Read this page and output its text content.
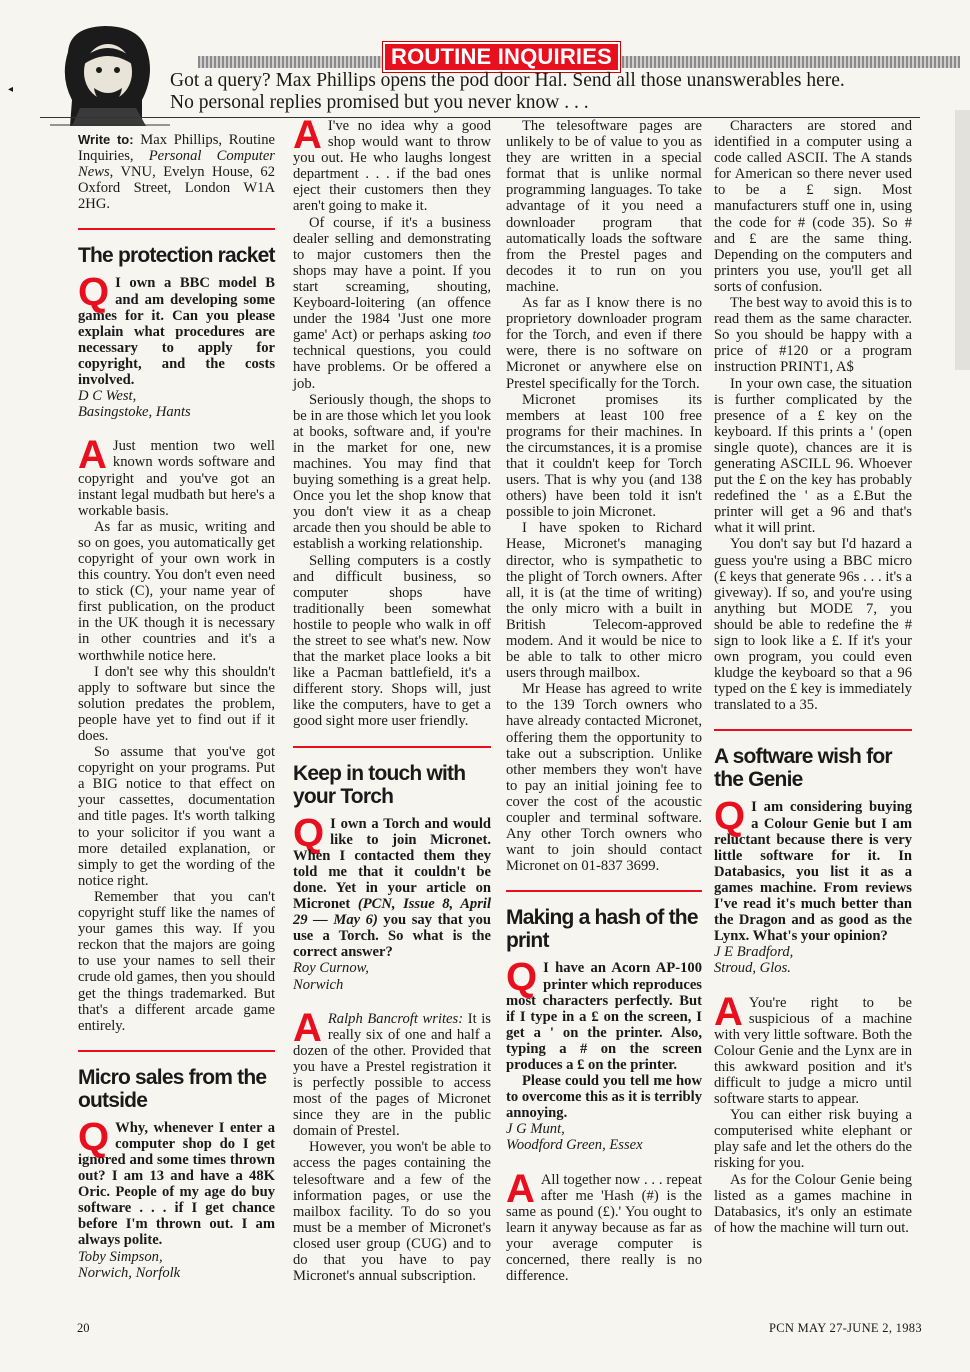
ROUTINE INQUIRIES
Got a query? Max Phillips opens the pod door Hal. Send all those unanswerables here.
No personal replies promised but you never know . . .
◂

Write to: Max Phillips, Routine Inquiries, Personal Computer News, VNU, Evelyn House, 62 Oxford Street, London W1A 2HG.

The protection racket

Q I own a BBC model B and am developing some games for it. Can you please explain what procedures are necessary to apply for copyright, and the costs involved.

D C West,
Basingstoke, Hants

A Just mention two well known words software and copyright and you've got an instant legal mudbath but here's a workable basis.

As far as music, writing and so on goes, you automatically get copyright of your own work in this country. You don't even need to stick (C), your name year of first publication, on the product in the UK though it is necessary in other countries and it's a worthwhile notice here.

I don't see why this shouldn't apply to software but since the solution predates the problem, people have yet to find out if it does.

So assume that you've got copyright on your programs. Put a BIG notice to that effect on your cassettes, documentation and title pages. It's worth talking to your solicitor if you want a more detailed explanation, or simply to get the wording of the notice right.

Remember that you can't copyright stuff like the names of your games this way. If you reckon that the majors are going to use your names to sell their crude old games, then you should get the things trademarked. But that's a different arcade game entirely.

Micro sales from the outside

Q Why, whenever I enter a computer shop do I get ignored and some times thrown out? I am 13 and have a 48K Oric. People of my age do buy software . . . if I get chance before I'm thrown out. I am always polite.

Toby Simpson,
Norwich, Norfolk

A I've no idea why a good shop would want to throw you out. He who laughs longest department . . . if the bad ones eject their customers then they aren't going to make it.

Of course, if it's a business dealer selling and demonstrating to major customers then the shops may have a point. If you start screaming, shouting, Keyboard-loitering (an offence under the 1984 'Just one more game' Act) or perhaps asking too technical questions, you could have problems. Or be offered a job.

Seriously though, the shops to be in are those which let you look at books, software and, if you're in the market for one, new machines. You may find that buying something is a great help. Once you let the shop know that you don't view it as a cheap arcade then you should be able to establish a working relationship.

Selling computers is a costly and difficult business, so computer shops have traditionally been somewhat hostile to people who walk in off the street to see what's new. Now that the market place looks a bit like a Pacman battlefield, it's a different story. Shops will, just like the computers, have to get a good sight more user friendly.

Keep in touch with your Torch

Q I own a Torch and would like to join Micronet. When I contacted them they told me that it couldn't be done. Yet in your article on Micronet (PCN, Issue 8, April 29 — May 6) you say that you use a Torch. So what is the correct answer?

Roy Curnow,
Norwich

A Ralph Bancroft writes: It is really six of one and half a dozen of the other. Provided that you have a Prestel registration it is perfectly possible to access most of the pages of Micronet since they are in the public domain of Prestel.

However, you won't be able to access the pages containing the telesoftware and a few of the information pages, or use the mailbox facility. To do so you must be a member of Micronet's closed user group (CUG) and to do that you have to pay Micronet's annual subscription.

The telesoftware pages are unlikely to be of value to you as they are written in a special format that is unlike normal programming languages. To take advantage of it you need a downloader program that automatically loads the software from the Prestel pages and decodes it to run on you machine.

As far as I know there is no proprietory downloader program for the Torch, and even if there were, there is no software on Micronet or anywhere else on Prestel specifically for the Torch.

Micronet promises its members at least 100 free programs for their machines. In the circumstances, it is a promise that it couldn't keep for Torch users. That is why you (and 138 others) have been told it isn't possible to join Micronet.

I have spoken to Richard Hease, Micronet's managing director, who is sympathetic to the plight of Torch owners. After all, it is (at the time of writing) the only micro with a built in British Telecom-approved modem. And it would be nice to be able to talk to other micro users through mailbox.

Mr Hease has agreed to write to the 139 Torch owners who have already contacted Micronet, offering them the opportunity to take out a subscription. Unlike other members they won't have to pay an initial joining fee to cover the cost of the acoustic coupler and terminal software. Any other Torch owners who want to join should contact Micronet on 01-837 3699.

Making a hash of the print

Q I have an Acorn AP-100 printer which reproduces most characters perfectly. But if I type in a £ on the screen, I get a ' on the printer. Also, typing a # on the screen produces a £ on the printer.

Please could you tell me how to overcome this as it is terribly annoying.

J G Munt,
Woodford Green, Essex

A All together now . . . repeat after me 'Hash (#) is the same as pound (£).' You ought to learn it anyway because as far as your average computer is concerned, there really is no difference.

Characters are stored and identified in a computer using a code called ASCII. The A stands for American so there never used to be a £ sign. Most manufacturers stuff one in, using the code for # (code 35). So # and £ are the same thing. Depending on the computers and printers you use, you'll get all sorts of confusion.

The best way to avoid this is to read them as the same character. So you should be happy with a price of #120 or a program instruction PRINT1, A$

In your own case, the situation is further complicated by the presence of a £ key on the keyboard. If this prints a ' (open single quote), chances are it is generating ASCILL 96. Whoever put the £ on the key has probably redefined the ' as a £.But the printer will get a 96 and that's what it will print.

You don't say but I'd hazard a guess you're using a BBC micro (£ keys that generate 96s . . . it's a giveway). If so, and you're using anything but MODE 7, you should be able to redefine the # sign to look like a £. If it's your own program, you could even kludge the keyboard so that a 96 typed on the £ key is immediately translated to a 35.

A software wish for the Genie

Q I am considering buying a Colour Genie but I am reluctant because there is very little software for it. In Databasics, you list it as a games machine. From reviews I've read it's much better than the Dragon and as good as the Lynx. What's your opinion?

J E Bradford,
Stroud, Glos.

A You're right to be suspicious of a machine with very little software. Both the Colour Genie and the Lynx are in this awkward position and it's difficult to judge a micro until software starts to appear.

You can either risk buying a computerised white elephant or play safe and let the others do the risking for you.

As for the Colour Genie being listed as a games machine in Databasics, it's only an estimate of how the machine will turn out.

20	PCN MAY 27-JUNE 2, 1983
